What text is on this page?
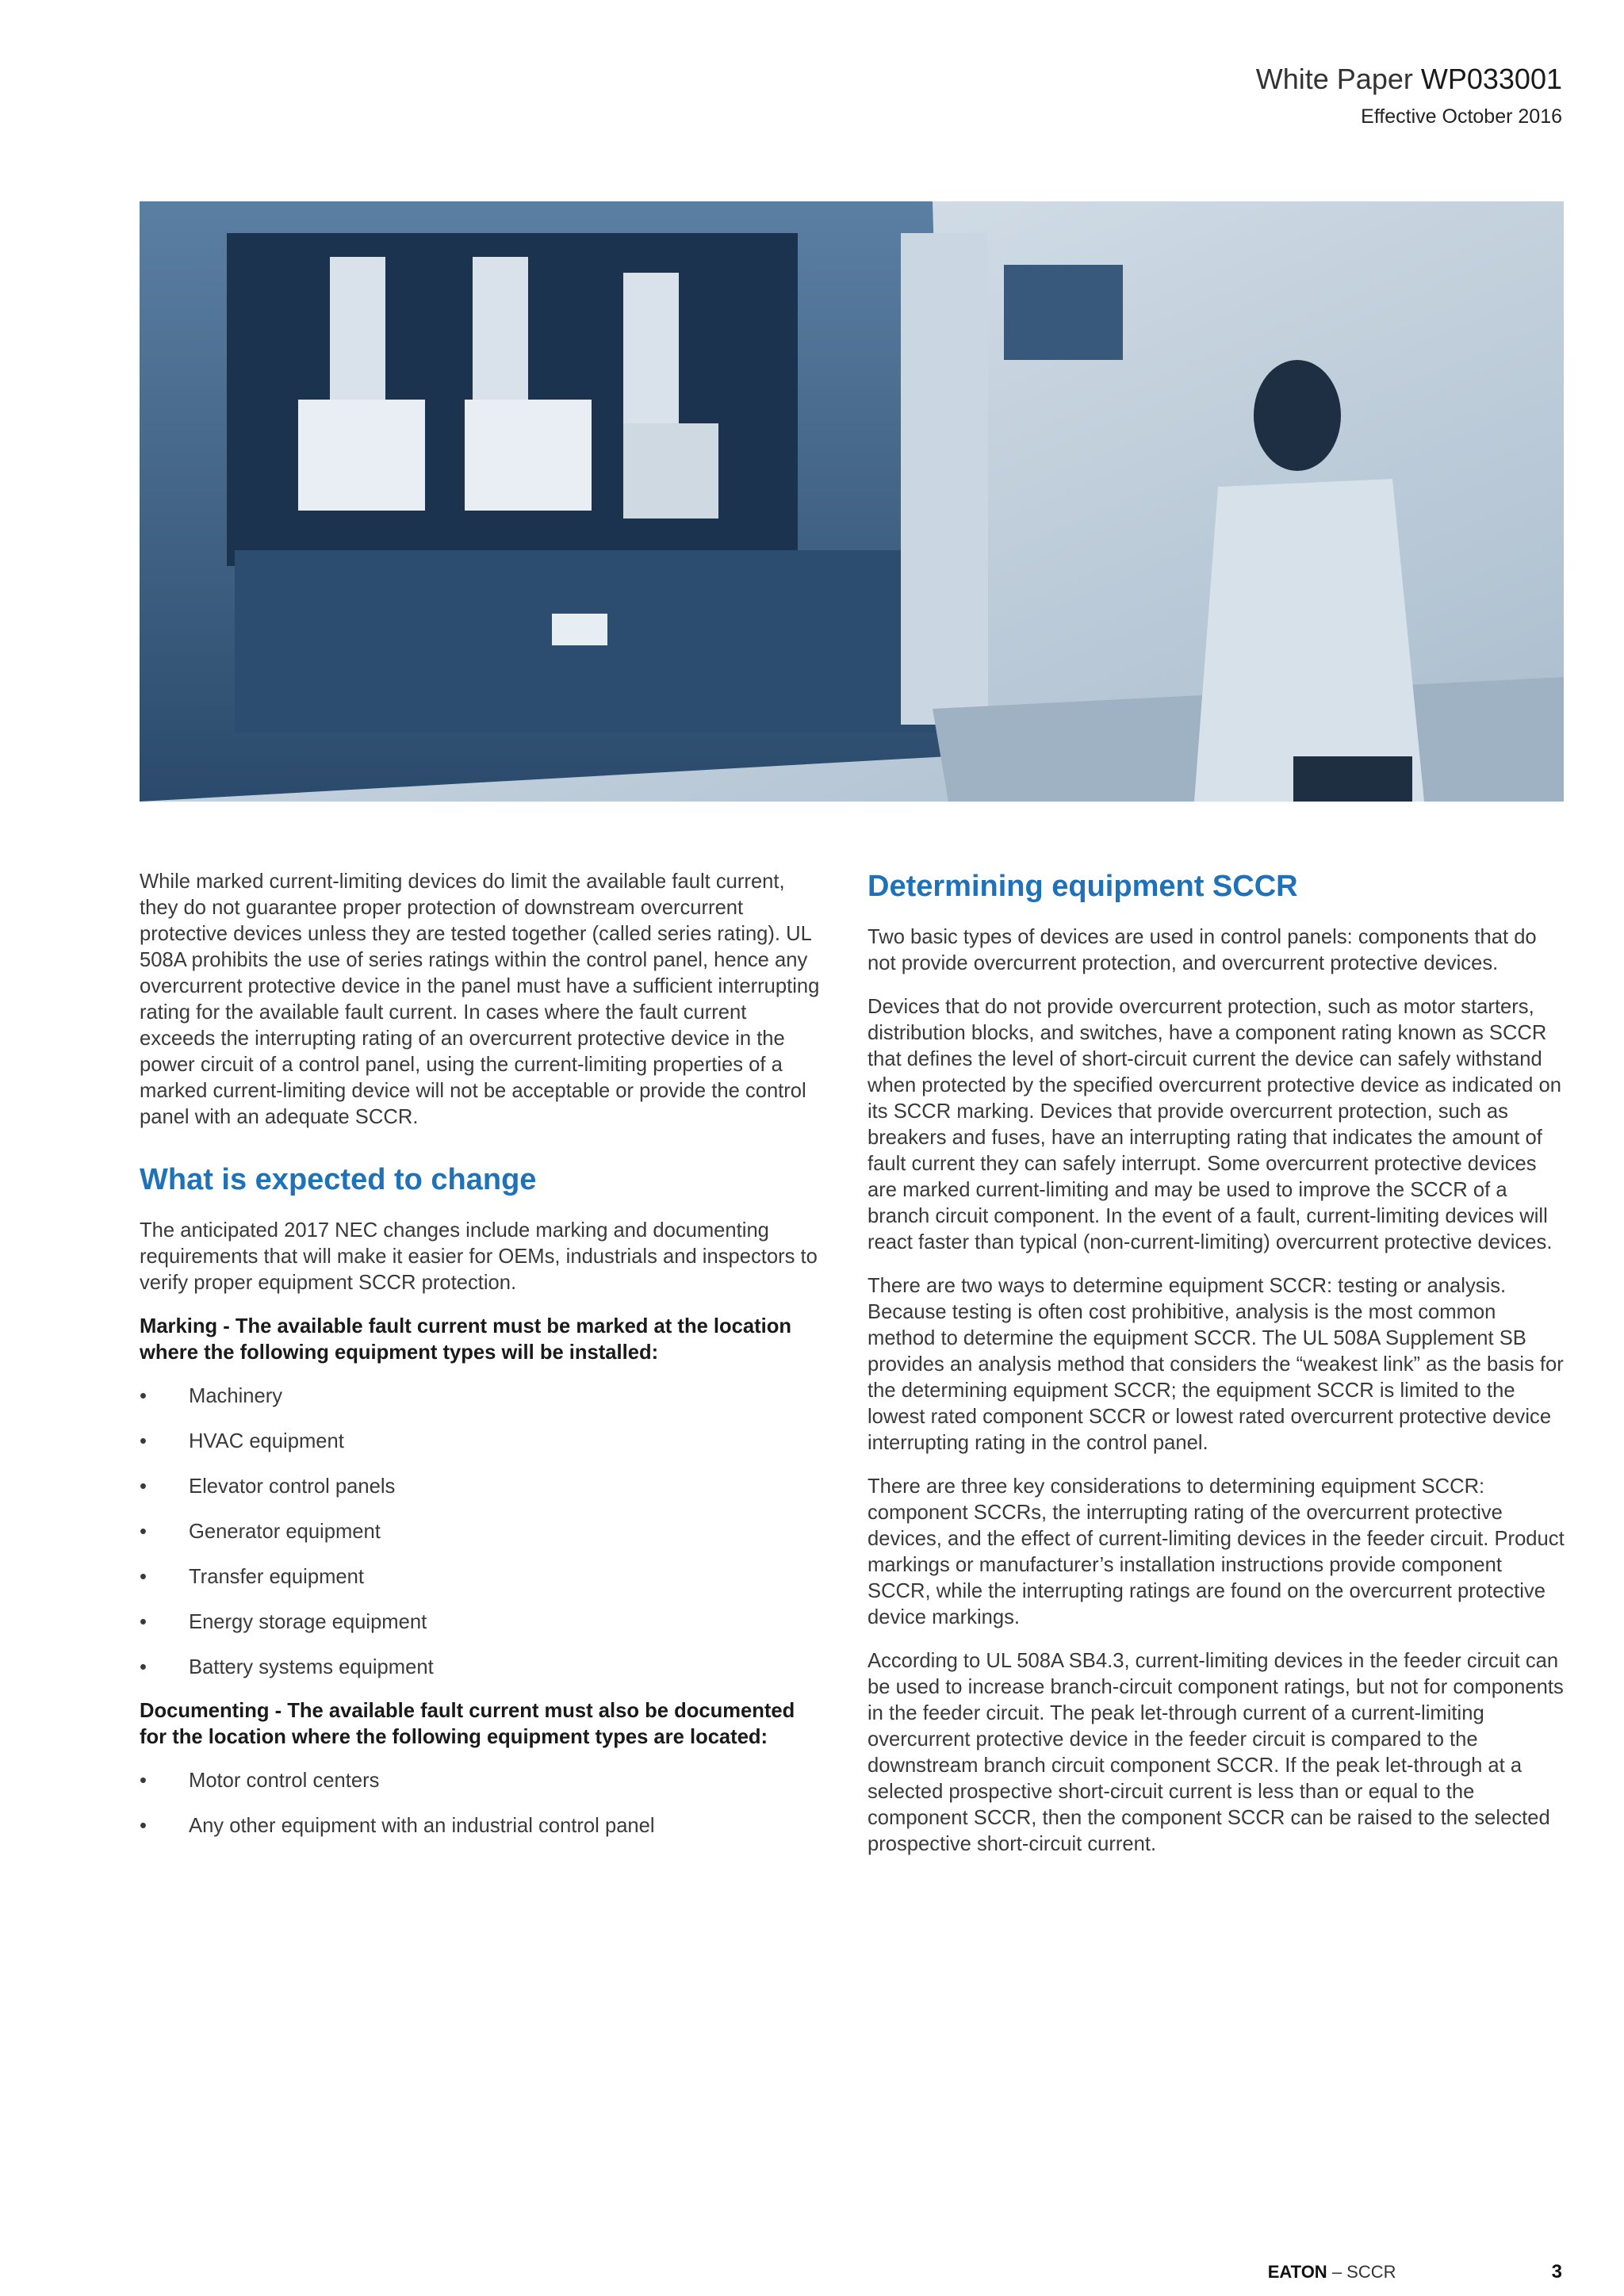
White Paper WP033001
Effective October 2016

While marked current-limiting devices do limit the available fault current, they do not guarantee proper protection of downstream overcurrent protective devices unless they are tested together (called series rating). UL 508A prohibits the use of series ratings within the control panel, hence any overcurrent protective device in the panel must have a sufficient interrupting rating for the available fault current. In cases where the fault current exceeds the interrupting rating of an overcurrent protective device in the power circuit of a control panel, using the current-limiting properties of a marked current-limiting device will not be acceptable or provide the control panel with an adequate SCCR.

What is expected to change

The anticipated 2017 NEC changes include marking and documenting requirements that will make it easier for OEMs, industrials and inspectors to verify proper equipment SCCR protection.

Marking - The available fault current must be marked at the location where the following equipment types will be installed:

• Machinery
• HVAC equipment
• Elevator control panels
• Generator equipment
• Transfer equipment
• Energy storage equipment
• Battery systems equipment

Documenting - The available fault current must also be documented for the location where the following equipment types are located:

• Motor control centers
• Any other equipment with an industrial control panel
Determining equipment SCCR

Two basic types of devices are used in control panels: components that do not provide overcurrent protection, and overcurrent protective devices.

Devices that do not provide overcurrent protection, such as motor starters, distribution blocks, and switches, have a component rating known as SCCR that defines the level of short-circuit current the device can safely withstand when protected by the specified overcurrent protective device as indicated on its SCCR marking. Devices that provide overcurrent protection, such as breakers and fuses, have an interrupting rating that indicates the amount of fault current they can safely interrupt. Some overcurrent protective devices are marked current-limiting and may be used to improve the SCCR of a branch circuit component. In the event of a fault, current-limiting devices will react faster than typical (non-current-limiting) overcurrent protective devices.

There are two ways to determine equipment SCCR: testing or analysis. Because testing is often cost prohibitive, analysis is the most common method to determine the equipment SCCR. The UL 508A Supplement SB provides an analysis method that considers the “weakest link” as the basis for the determining equipment SCCR; the equipment SCCR is limited to the lowest rated component SCCR or lowest rated overcurrent protective device interrupting rating in the control panel.

There are three key considerations to determining equipment SCCR: component SCCRs, the interrupting rating of the overcurrent protective devices, and the effect of current-limiting devices in the feeder circuit. Product markings or manufacturer’s installation instructions provide component SCCR, while the interrupting ratings are found on the overcurrent protective device markings.

According to UL 508A SB4.3, current-limiting devices in the feeder circuit can be used to increase branch-circuit component ratings, but not for components in the feeder circuit. The peak let-through current of a current-limiting overcurrent protective device in the feeder circuit is compared to the downstream branch circuit component SCCR. If the peak let-through at a selected prospective short-circuit current is less than or equal to the component SCCR, then the component SCCR can be raised to the selected prospective short-circuit current.

EATON – SCCR	3
